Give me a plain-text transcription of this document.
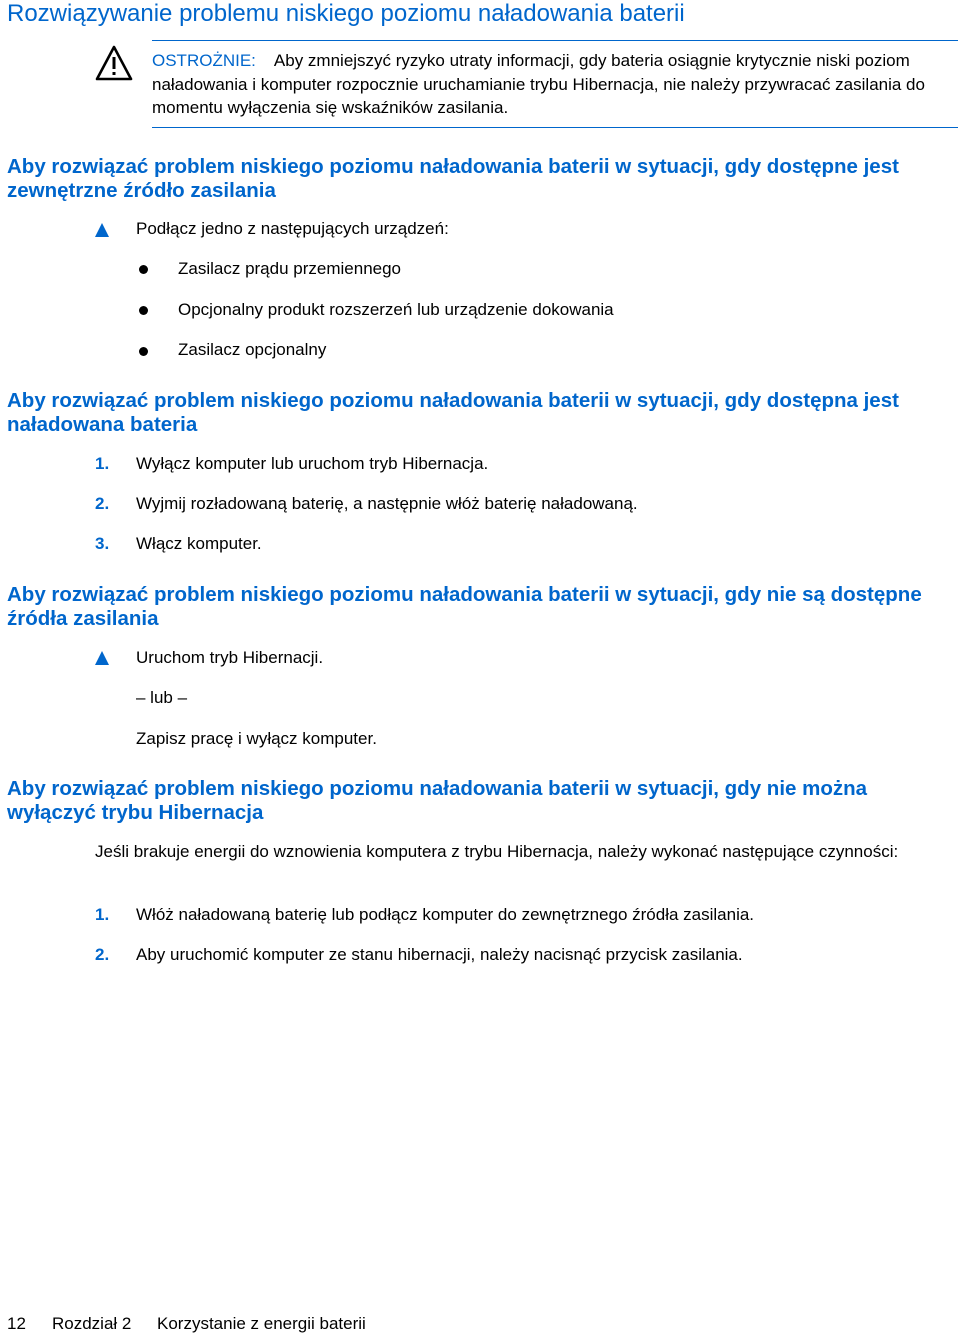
Rozwiązywanie problemu niskiego poziomu naładowania baterii
OSTROŻNIE: Aby zmniejszyć ryzyko utraty informacji, gdy bateria osiągnie krytycznie niski poziom naładowania i komputer rozpocznie uruchamianie trybu Hibernacja, nie należy przywracać zasilania do momentu wyłączenia się wskaźników zasilania.
Aby rozwiązać problem niskiego poziomu naładowania baterii w sytuacji, gdy dostępne jest zewnętrzne źródło zasilania
Podłącz jedno z następujących urządzeń:
Zasilacz prądu przemiennego
Opcjonalny produkt rozszerzeń lub urządzenie dokowania
Zasilacz opcjonalny
Aby rozwiązać problem niskiego poziomu naładowania baterii w sytuacji, gdy dostępna jest naładowana bateria
1. Wyłącz komputer lub uruchom tryb Hibernacja.
2. Wyjmij rozładowaną baterię, a następnie włóż baterię naładowaną.
3. Włącz komputer.
Aby rozwiązać problem niskiego poziomu naładowania baterii w sytuacji, gdy nie są dostępne źródła zasilania
Uruchom tryb Hibernacji.
– lub –
Zapisz pracę i wyłącz komputer.
Aby rozwiązać problem niskiego poziomu naładowania baterii w sytuacji, gdy nie można wyłączyć trybu Hibernacja
Jeśli brakuje energii do wznowienia komputera z trybu Hibernacja, należy wykonać następujące czynności:
1. Włóż naładowaną baterię lub podłącz komputer do zewnętrznego źródła zasilania.
2. Aby uruchomić komputer ze stanu hibernacji, należy nacisnąć przycisk zasilania.
12 Rozdział 2 Korzystanie z energii baterii
